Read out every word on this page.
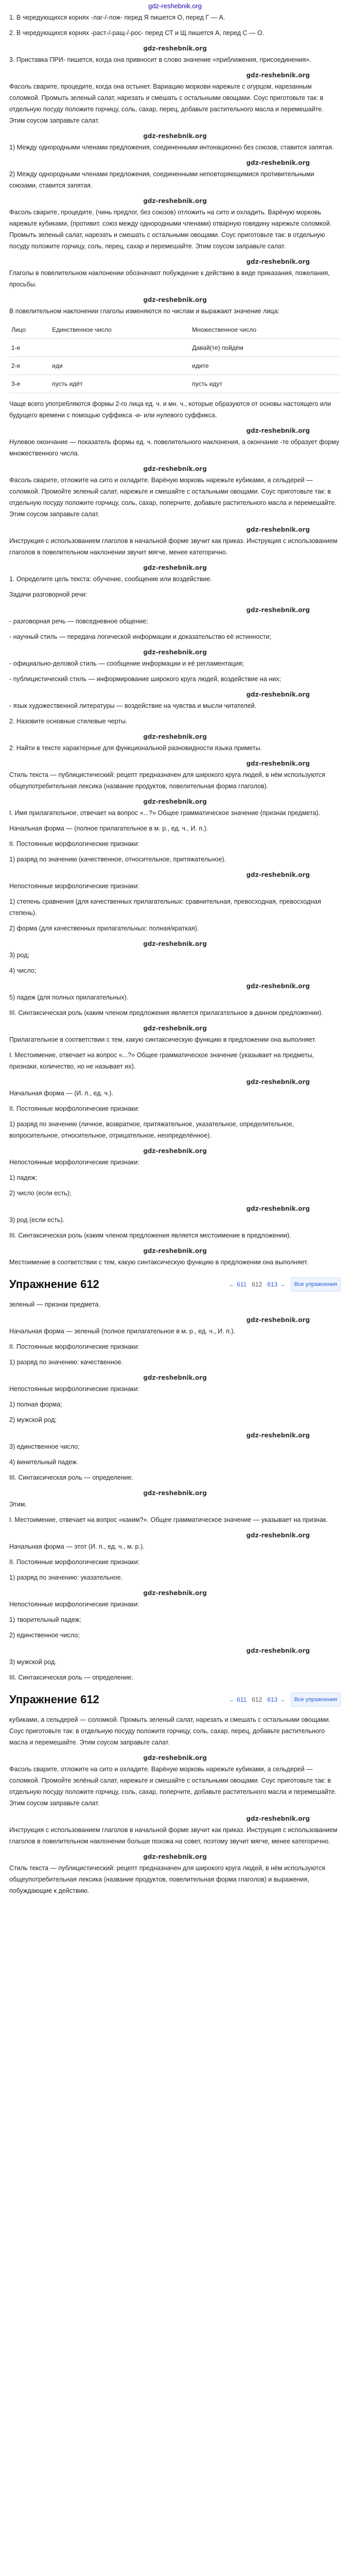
gdz-reshebnik.org

1. В чередующихся корнях -лаг-/-лож- перед Я пишется О, перед Г — А.

2. В чередующихся корнях -раст-/-ращ-/-рос- перед СТ и Щ пишется А, перед С — О.

gdz-reshebnik.org

3. Пpиставка ПРИ- пишется, когда она привносит в слово значение «приближения, присоединения».

gdz-reshebnik.org

Фасоль сварите, процедите, когда она остынет. Вариацию моркови нарежьте с огурцом, нарезанным соломкой. Промыть зеленый салат, нарезать и смешать с остальными овощами. Соус приготовьте так: в отдельную посуду положите горчицу, соль, сахар, перец, добавьте растительного масла и перемешайте. Этим соусом заправьте салат.

gdz-reshebnik.org

1) Между однородными членами предложения, соединенными интонационно без союзов, ставится запятая.

gdz-reshebnik.org

2) Между однородными членами предложения, соединенными неповторяющимися противительными союзами, ставится запятая.

gdz-reshebnik.org

Фасоль сварите, процедите, (чинь предлог, без союзов) отложить на сито и охладить. Варёную морковь нарежьте кубиками, (противит. союз между однородными членами) отварную говядину нарежьте соломкой. Промыть зеленый салат, нарезать и смешать с остальными овощами. Соус приготовьте так: в отдельную посуду положите горчицу, соль, перец, сахар и перемешайте. Этим соусом заправьте салат.

gdz-reshebnik.org

Глаголы в повелительном наклонении обозначают побуждение к действию в виде приказания, пожелания, просьбы.

gdz-reshebnik.org

В повелительном наклонении глаголы изменяются по числам и выражают значение лица:

Лицо	Единственное число	Множественное число
1-е		Давай(те) пойдём
2-е	иди	идите
3-е	пусть идёт	пусть идут

Чаще всего употребляются формы 2-го лица ед. ч. и мн. ч., которые образуются от основы настоящего или будущего времени с помощью суффикса -и- или нулевого суффикса.

gdz-reshebnik.org

Нулевое окончание — показатель формы ед. ч. повелительного наклонения, а окончание -те образует форму множественного числа.

gdz-reshebnik.org

Фасоль сварите, отложите на сито и охладите. Варёную морковь нарежьте кубиками, а сельдерей — соломкой. Промойте зеленый салат, нарежьте и смешайте с остальными овощами. Соус приготовьте так: в отдельную посуду положите горчицу, соль, сахар, поперчите, добавьте растительного масла и перемешайте. Этим соусом заправьте салат.

gdz-reshebnik.org

Инструкция с использованием глаголов в начальной форме звучит как приказ. Инструкция с использованием глаголов в повелительном наклонении звучит мягче, менее категорично.

gdz-reshebnik.org

1. Определите цель текста: обучение, сообщение или воздействие.

Задачи разговорной речи:

gdz-reshebnik.org

- разговорная речь — повседневное общение;

- научный стиль — передача логической информации и доказательство её истинности;

gdz-reshebnik.org

- официально-деловой стиль — сообщение информации и её регламентация;

- публицистический стиль — информирование широкого круга людей, воздействие на них;

gdz-reshebnik.org

- язык художественной литературы — воздействие на чувства и мысли читателей.

2. Назовите основные стилевые черты.

gdz-reshebnik.org

2. Найти в тексте характерные для функциональной разновидности языка приметы.

gdz-reshebnik.org

Стиль текста — публицистический: рецепт предназначен для широкого круга людей, в нём используются общеупотребительная лексика (название продуктов, повелительная форма глаголов).

gdz-reshebnik.org

I. Имя прилагательное, отвечает на вопрос «...?» Общее грамматическое значение (признак предмета).

Начальная форма — (полное прилагательное в м. р., ед. ч., И. п.).

II. Постоянные морфологические признаки:

1) разряд по значению (качественное, относительное, притяжательное).

gdz-reshebnik.org

Непостоянные морфологические признаки:

1) степень сравнения (для качественных прилагательных: сравнительная, превосходная, превосходная степень).

2) форма (для качественных прилагательных: полная/краткая).

gdz-reshebnik.org

3) род;

4) число;

gdz-reshebnik.org

5) падеж (для полных прилагательных).

III. Синтаксическая роль (каким членом предложения является прилагательное в данном предложении).

gdz-reshebnik.org

Прилагательное в соответствии с тем, какую синтаксическую функцию в предложении она выполняет.

I. Местоимение, отвечает на вопрос «...?» Общее грамматическое значение (указывает на предметы, признаки, количество, но не называет их).

gdz-reshebnik.org

Начальная форма — (И. п., ед. ч.).

II. Постоянные морфологические признаки:

1) разряд по значению (личное, возвратное, притяжательное, указательное, определительное, вопросительное, относительное, отрицательное, неопределённое).

gdz-reshebnik.org

Непостоянные морфологические признаки:

1) падеж;

2) число (если есть);

gdz-reshebnik.org

3) род (если есть).

III. Синтаксическая роль (каким членом предложения является местоимение в предложении).

gdz-reshebnik.org

Местоимение в соответствии с тем, какую синтаксическую функцию в предложении она выполняет.

Упражнение 612	← 611 612 613 →	Все упражнения

зеленый — признак предмета.

gdz-reshebnik.org

Начальная форма — зеленый (полное прилагательное в м. р., ед. ч., И. п.).

II. Постоянные морфологические признаки:

1) разряд по значению: качественное.

gdz-reshebnik.org

Непостоянные морфологические признаки:

1) полная форма;

2) мужской род;

gdz-reshebnik.org

3) единственное число;

4) винительный падеж.

III. Синтаксическая роль — определение.

gdz-reshebnik.org

Этим.

I. Местоимение, отвечает на вопрос «каким?». Общее грамматическое значение — указывает на признак.

gdz-reshebnik.org

Начальная форма — этот (И. п., ед. ч., м. р.).

II. Постоянные морфологические признаки:

1) разряд по значению: указательное.

gdz-reshebnik.org

Непостоянные морфологические признаки:

1) творительный падеж;

2) единственное число;

gdz-reshebnik.org

3) мужской род.

III. Синтаксическая роль — определение.

Упражнение 612	← 611 612 613 →	Все упражнения

кубиками, а сельдерей — соломкой. Промыть зеленый салат, нарезать и смешать с остальными овощами. Соус приготовьте так: в отдельную посуду положите горчицу, соль, сахар, перец, добавьте растительного масла и перемешайте. Этим соусом заправьте салат.

gdz-reshebnik.org

Фасоль сварите, отложите на сито и охладите. Варёную морковь нарежьте кубиками, а сельдерей — соломкой. Промойте зелёный салат, нарежьте и смешайте с остальными овощами. Соус приготовьте так: в отдельную посуду положите горчицу, соль, сахар, поперчите, добавьте растительного масла и перемешайте. Этим соусом заправьте салат.

gdz-reshebnik.org

Инструкция с использованием глаголов в начальной форме звучит как приказ. Инструкция с использованием глаголов в повелительном наклонении больше похожа на совет, поэтому звучит мягче, менее категорично.

gdz-reshebnik.org

Стиль текста — публицистический: рецепт предназначен для широкого круга людей, в нём используются общеупотребительная лексика (название продуктов, повелительная форма глаголов) и выражения, побуждающие к действию.
